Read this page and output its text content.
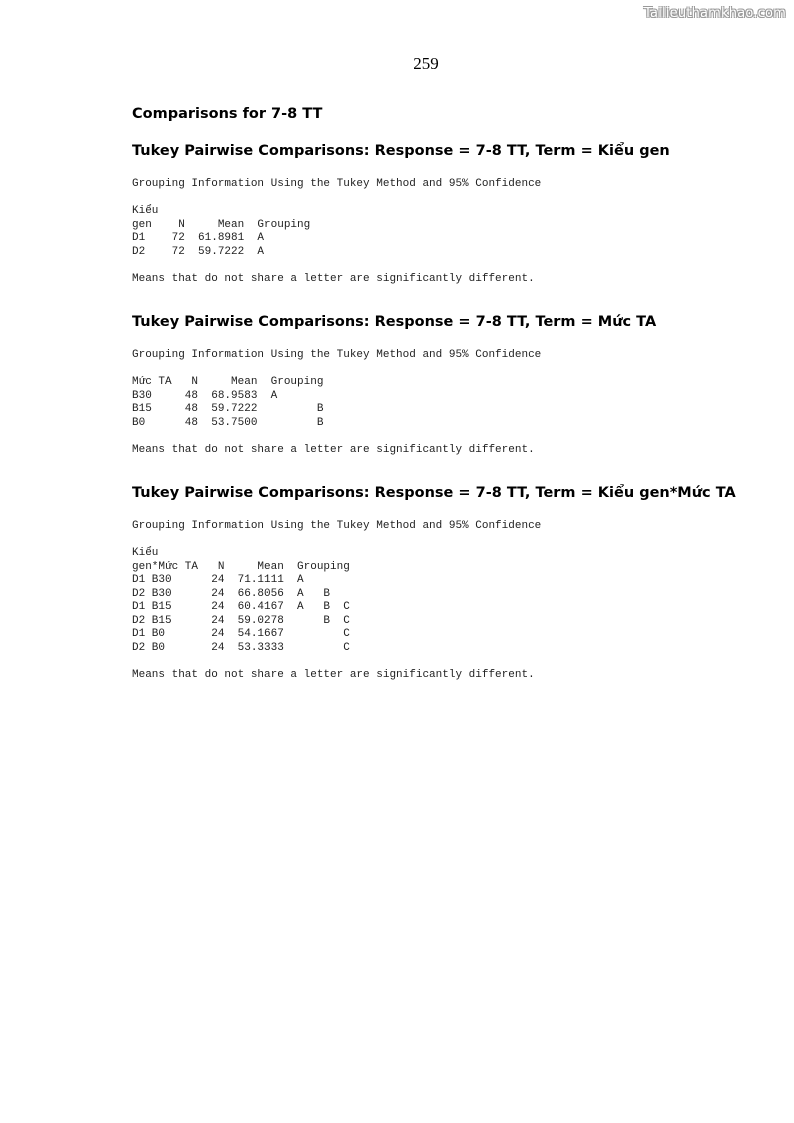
Tailieuthamkhao.com
259
Comparisons for 7-8 TT
Tukey Pairwise Comparisons: Response = 7-8 TT, Term = Kiểu gen
Grouping Information Using the Tukey Method and 95% Confidence

Kiểu
gen    N     Mean  Grouping
D1    72  61.8981  A
D2    72  59.7222  A

Means that do not share a letter are significantly different.
Tukey Pairwise Comparisons: Response = 7-8 TT, Term = Mức TA
Grouping Information Using the Tukey Method and 95% Confidence

Mức TA   N     Mean  Grouping
B30     48  68.9583  A
B15     48  59.7222         B
B0      48  53.7500         B

Means that do not share a letter are significantly different.
Tukey Pairwise Comparisons: Response = 7-8 TT, Term = Kiểu gen*Mức TA
Grouping Information Using the Tukey Method and 95% Confidence

Kiểu
gen*Mức TA   N     Mean  Grouping
D1 B30      24  71.1111  A
D2 B30      24  66.8056  A   B
D1 B15      24  60.4167  A   B  C
D2 B15      24  59.0278      B  C
D1 B0       24  54.1667         C
D2 B0       24  53.3333         C

Means that do not share a letter are significantly different.
